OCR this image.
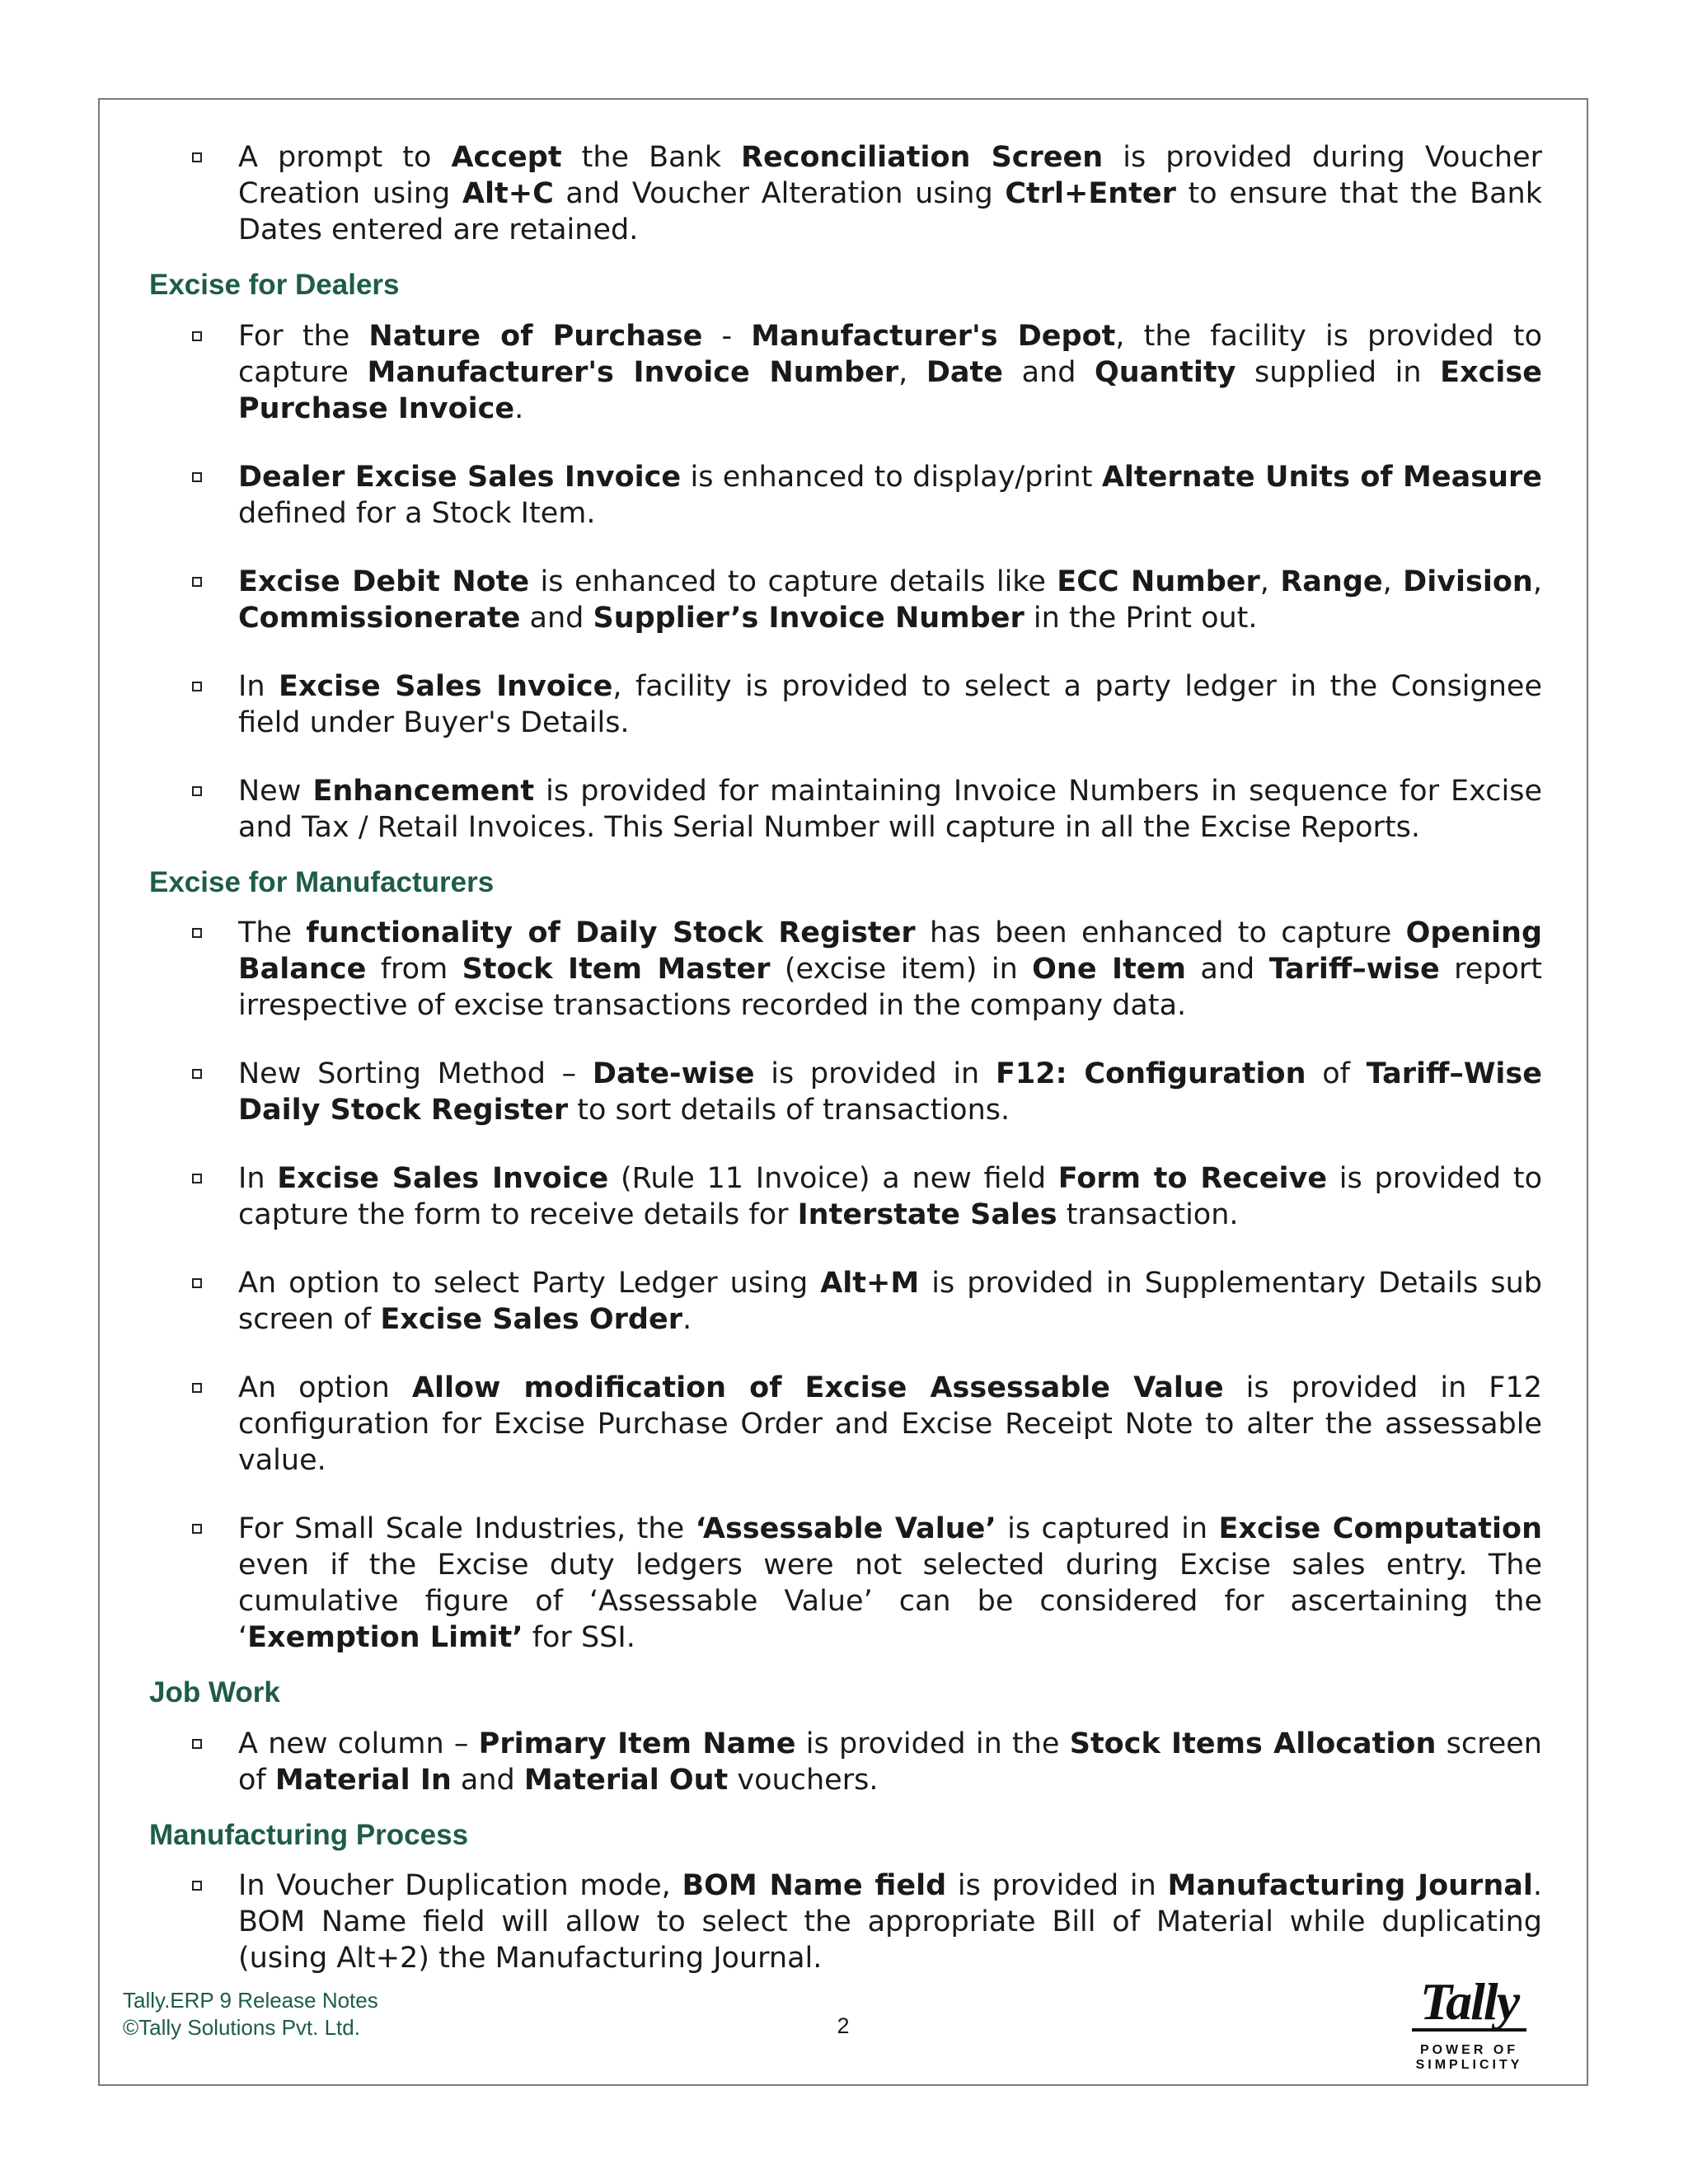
A prompt to Accept the Bank Reconciliation Screen is provided during Voucher Creation using Alt+C and Voucher Alteration using Ctrl+Enter to ensure that the Bank Dates entered are retained.
Excise for Dealers
For the Nature of Purchase - Manufacturer's Depot, the facility is provided to capture Manufacturer's Invoice Number, Date and Quantity supplied in Excise Purchase Invoice.
Dealer Excise Sales Invoice is enhanced to display/print Alternate Units of Measure defined for a Stock Item.
Excise Debit Note is enhanced to capture details like ECC Number, Range, Division, Commissionerate and Supplier’s Invoice Number in the Print out.
In Excise Sales Invoice, facility is provided to select a party ledger in the Consignee field under Buyer's Details.
New Enhancement is provided for maintaining Invoice Numbers in sequence for Excise and Tax / Retail Invoices. This Serial Number will capture in all the Excise Reports.
Excise for Manufacturers
The functionality of Daily Stock Register has been enhanced to capture Opening Balance from Stock Item Master (excise item) in One Item and Tariff–wise report irrespective of excise transactions recorded in the company data.
New Sorting Method – Date-wise is provided in F12: Configuration of Tariff–Wise Daily Stock Register to sort details of transactions.
In Excise Sales Invoice (Rule 11 Invoice) a new field Form to Receive is provided to capture the form to receive details for Interstate Sales transaction.
An option to select Party Ledger using Alt+M is provided in Supplementary Details sub screen of Excise Sales Order.
An option Allow modification of Excise Assessable Value is provided in F12 configuration for Excise Purchase Order and Excise Receipt Note to alter the assessable value.
For Small Scale Industries, the ‘Assessable Value’ is captured in Excise Computation even if the Excise duty ledgers were not selected during Excise sales entry. The cumulative figure of ‘Assessable Value’ can be considered for ascertaining the ‘Exemption Limit’ for SSI.
Job Work
A new column – Primary Item Name is provided in the Stock Items Allocation screen of Material In and Material Out vouchers.
Manufacturing Process
In Voucher Duplication mode, BOM Name field is provided in Manufacturing Journal. BOM Name field will allow to select the appropriate Bill of Material while duplicating (using Alt+2) the Manufacturing Journal.
Tally.ERP 9 Release Notes
©Tally Solutions Pvt. Ltd.	2	Tally
POWER OF SIMPLICITY
